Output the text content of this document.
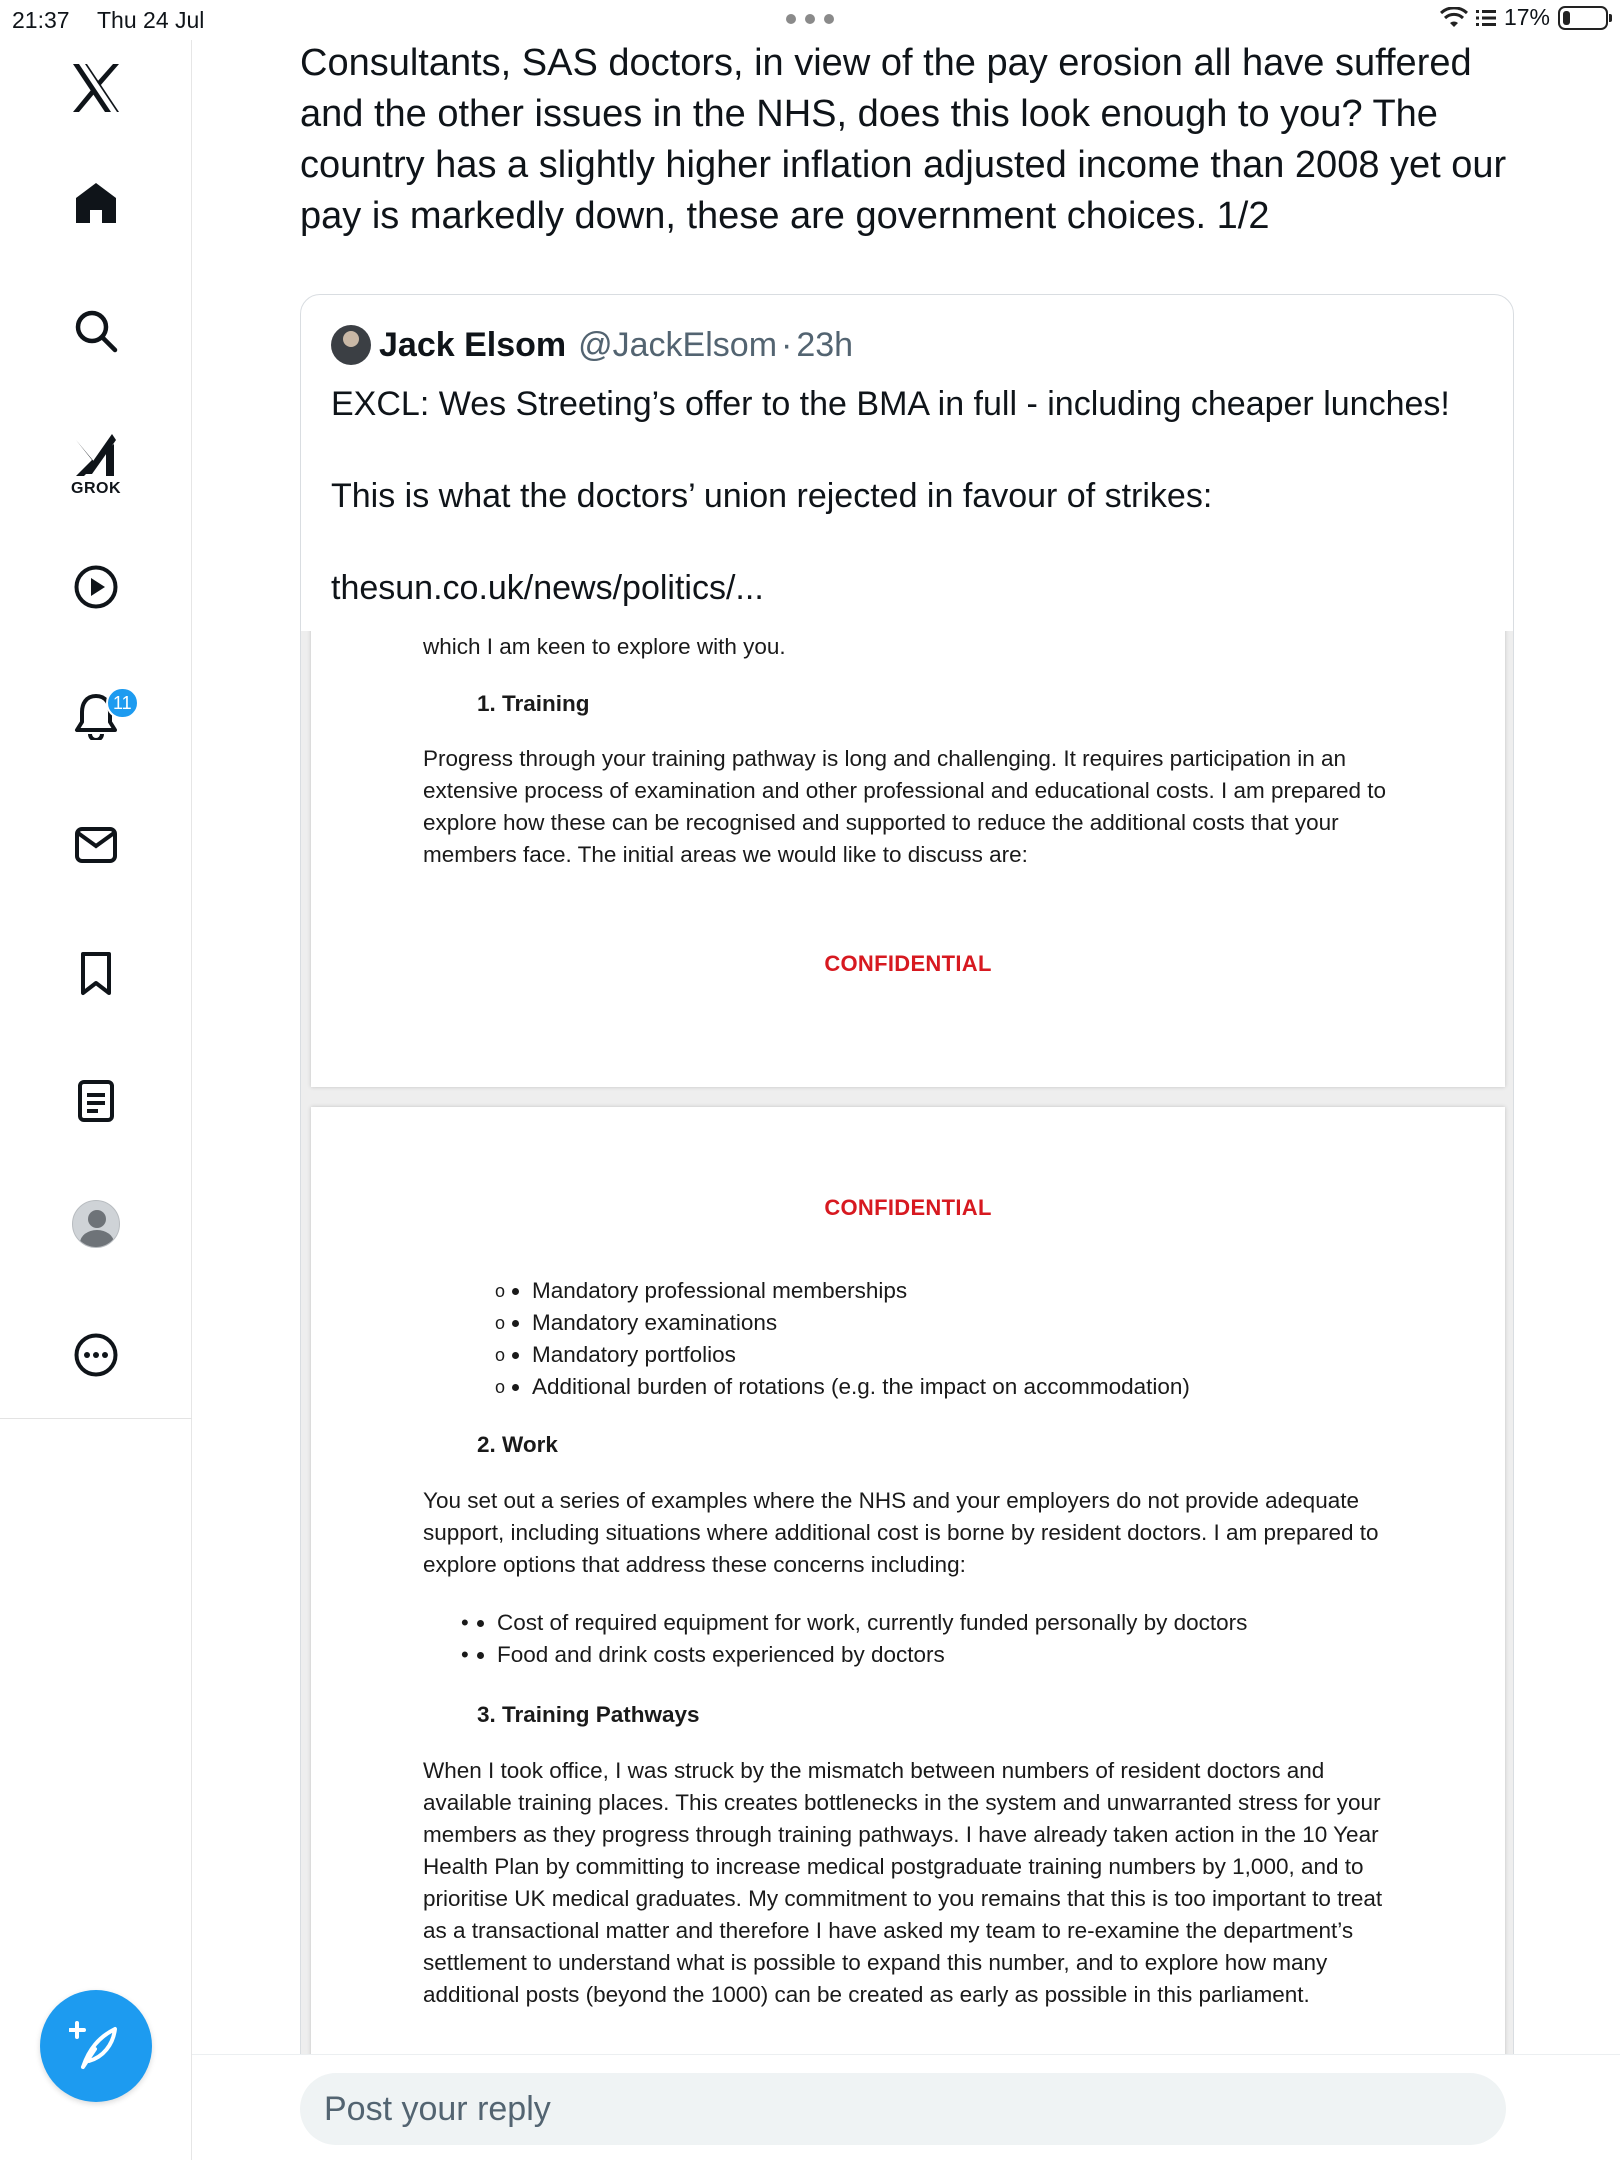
21:37 Thu 24 Jul	17%
GROK
11
Consultants, SAS doctors, in view of the pay erosion all have suffered and the other issues in the NHS, does this look enough to you? The country has a slightly higher inflation adjusted income than 2008 yet our pay is markedly down, these are government choices. 1/2
Jack Elsom @JackElsom · 23h

EXCL: Wes Streeting’s offer to the BMA in full - including cheaper lunches!

This is what the doctors’ union rejected in favour of strikes:

thesun.co.uk/news/politics/...

which I am keen to explore with you.
1. Training
Progress through your training pathway is long and challenging. It requires participation in an extensive process of examination and other professional and educational costs. I am prepared to explore how these can be recognised and supported to reduce the additional costs that your members face. The initial areas we would like to discuss are:
CONFIDENTIAL
CONFIDENTIAL
• o Mandatory professional memberships
• o Mandatory examinations
• o Mandatory portfolios
• o Additional burden of rotations (e.g. the impact on accommodation)
2. Work
You set out a series of examples where the NHS and your employers do not provide adequate support, including situations where additional cost is borne by resident doctors. I am prepared to explore options that address these concerns including:
• • Cost of required equipment for work, currently funded personally by doctors
• • Food and drink costs experienced by doctors
3. Training Pathways
When I took office, I was struck by the mismatch between numbers of resident doctors and available training places. This creates bottlenecks in the system and unwarranted stress for your members as they progress through training pathways. I have already taken action in the 10 Year Health Plan by committing to increase medical postgraduate training numbers by 1,000, and to prioritise UK medical graduates. My commitment to you remains that this is too important to treat as a transactional matter and therefore I have asked my team to re-examine the department’s settlement to understand what is possible to expand this number, and to explore how many additional posts (beyond the 1000) can be created as early as possible in this parliament.
Post your reply
